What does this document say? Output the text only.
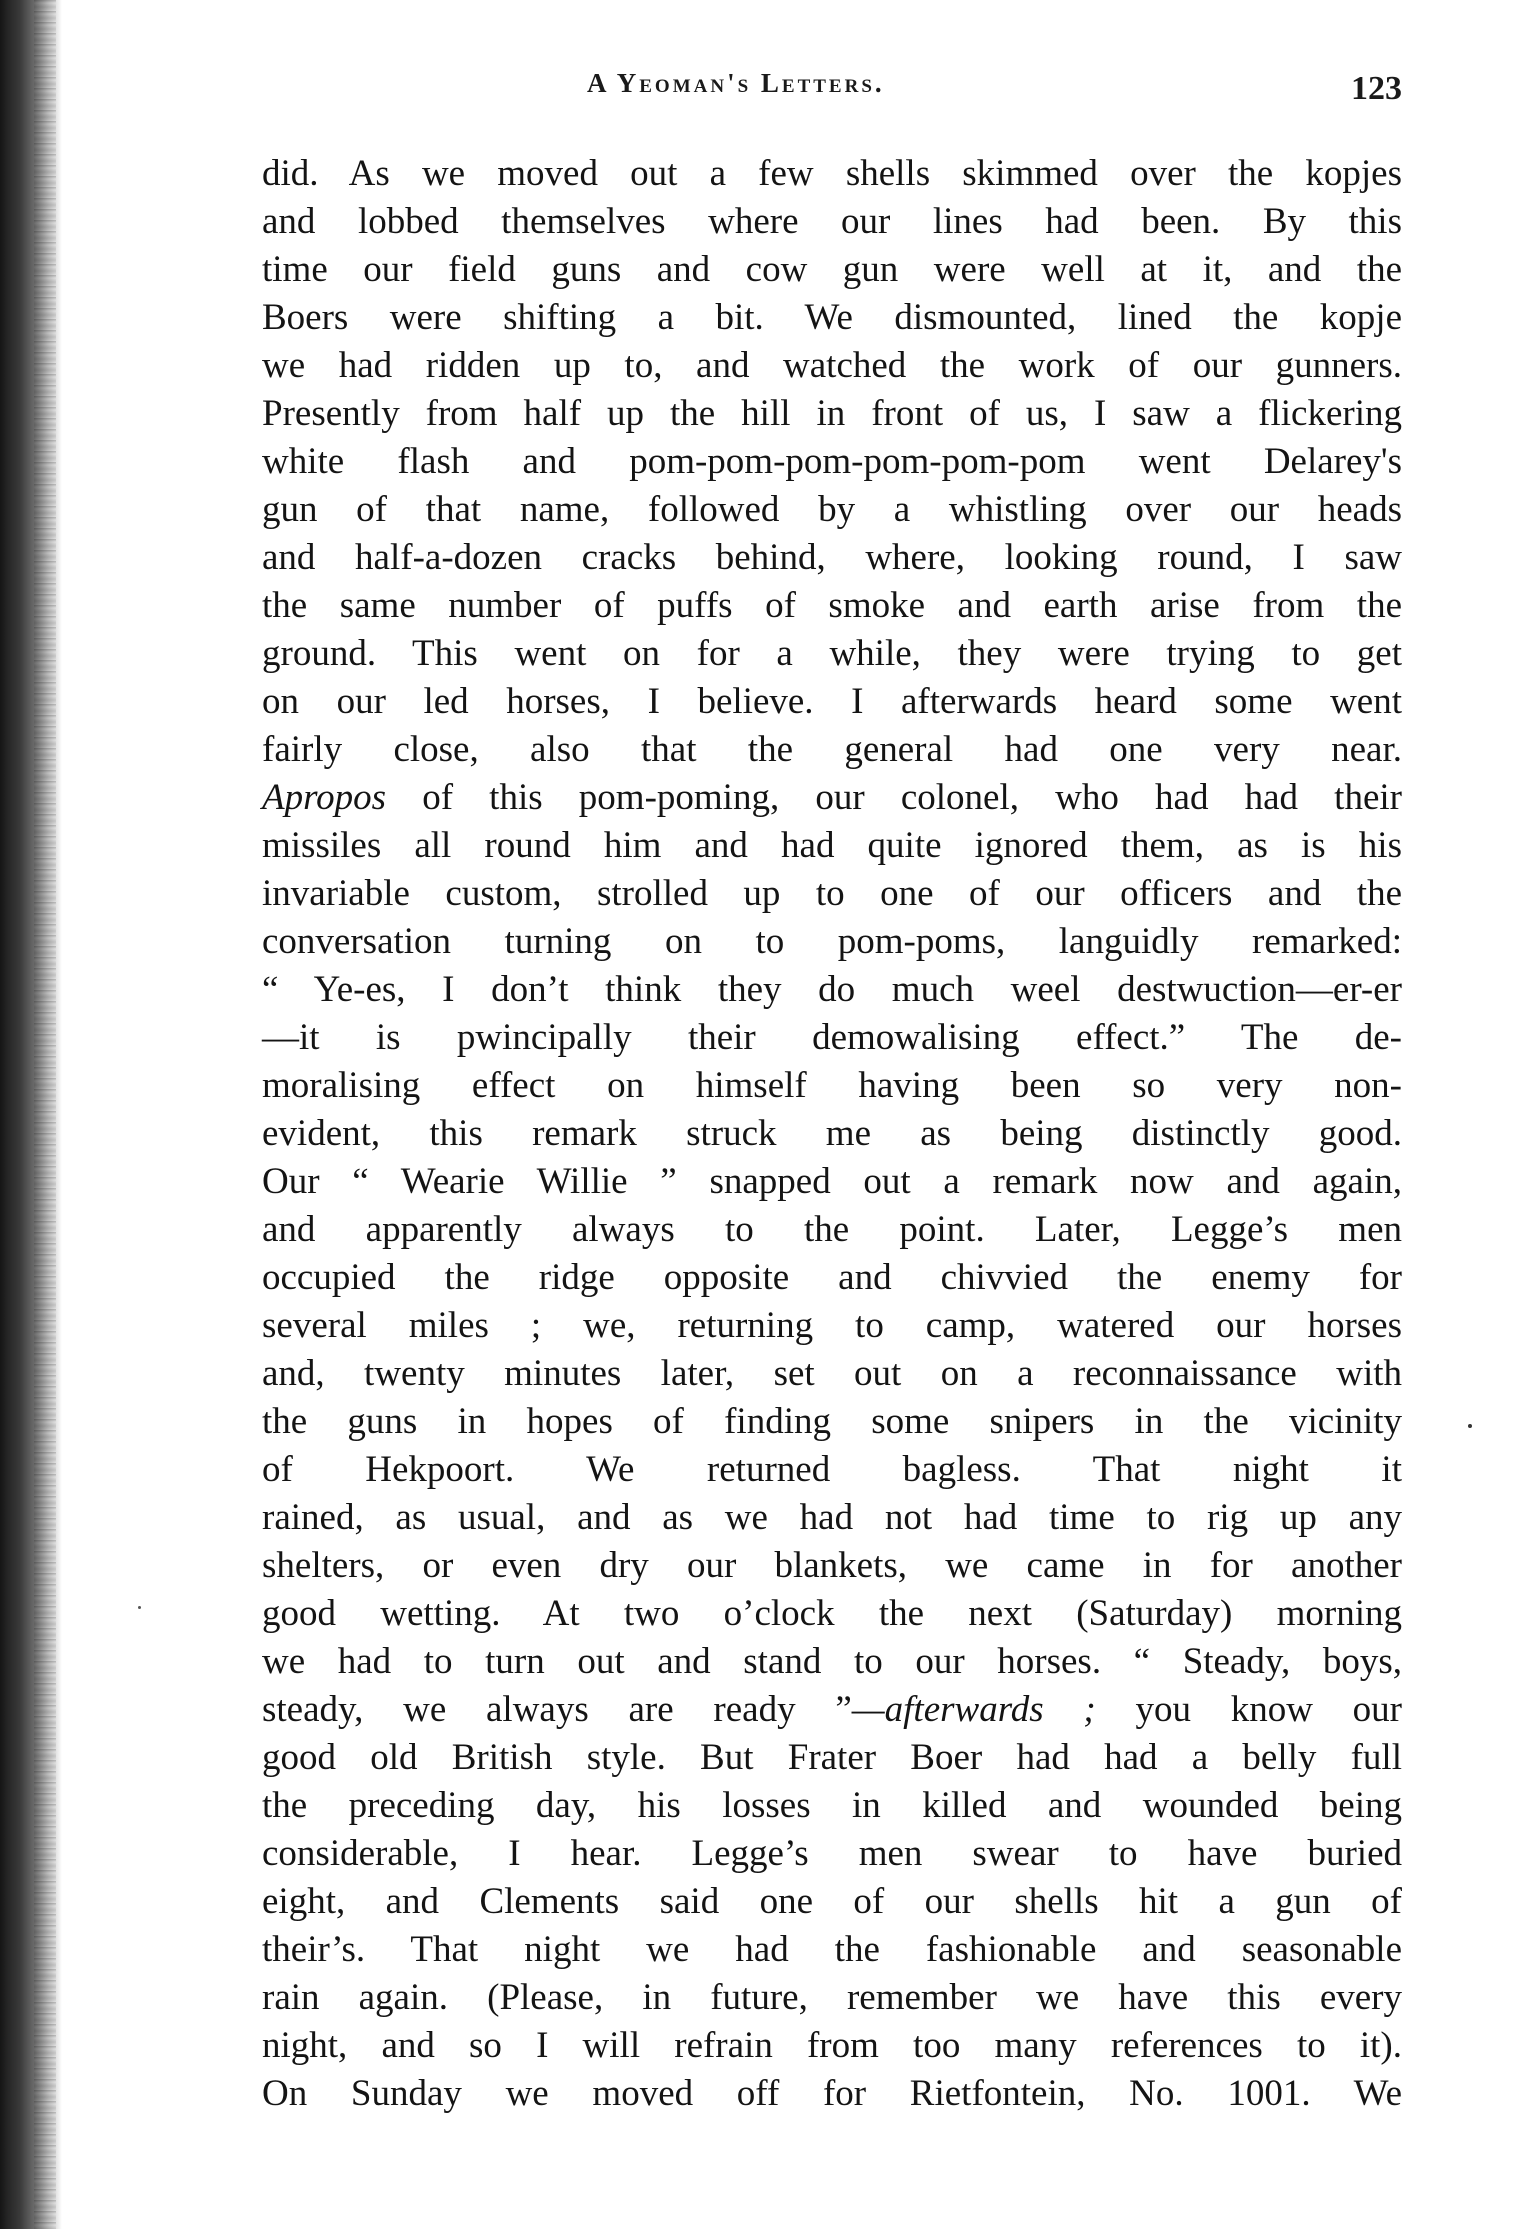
A Yeoman's Letters.	123
did. As we moved out a few shells skimmed over the kopjes
and lobbed themselves where our lines had been. By this
time our field guns and cow gun were well at it, and the
Boers were shifting a bit. We dismounted, lined the kopje
we had ridden up to, and watched the work of our gunners.
Presently from half up the hill in front of us, I saw a flickering
white flash and pom-pom-pom-pom-pom-pom went Delarey's
gun of that name, followed by a whistling over our heads
and half-a-dozen cracks behind, where, looking round, I saw
the same number of puffs of smoke and earth arise from the
ground. This went on for a while, they were trying to get
on our led horses, I believe. I afterwards heard some went
fairly close, also that the general had one very near.
Apropos of this pom-poming, our colonel, who had had their
missiles all round him and had quite ignored them, as is his
invariable custom, strolled up to one of our officers and the
conversation turning on to pom-poms, languidly remarked:
“ Ye-es, I don’t think they do much weel destwuction—er-er
—it is pwincipally their demowalising effect.” The de-
moralising effect on himself having been so very non-
evident, this remark struck me as being distinctly good.
Our “ Wearie Willie ” snapped out a remark now and again,
and apparently always to the point. Later, Legge’s men
occupied the ridge opposite and chivvied the enemy for
several miles ; we, returning to camp, watered our horses
and, twenty minutes later, set out on a reconnaissance with
the guns in hopes of finding some snipers in the vicinity
of Hekpoort. We returned bagless. That night it
rained, as usual, and as we had not had time to rig up any
shelters, or even dry our blankets, we came in for another
good wetting. At two o’clock the next (Saturday) morning
we had to turn out and stand to our horses. “ Steady, boys,
steady, we always are ready ”—afterwards ; you know our
good old British style. But Frater Boer had had a belly full
the preceding day, his losses in killed and wounded being
considerable, I hear. Legge’s men swear to have buried
eight, and Clements said one of our shells hit a gun of
their’s. That night we had the fashionable and seasonable
rain again. (Please, in future, remember we have this every
night, and so I will refrain from too many references to it).
On Sunday we moved off for Rietfontein, No. 1001. We
